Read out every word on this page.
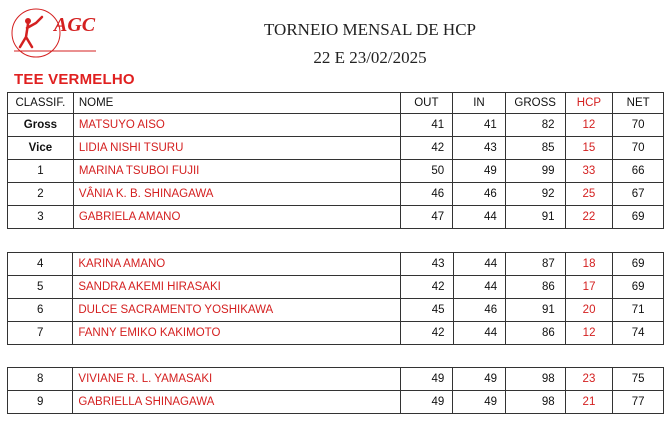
AGC	TORNEIO MENSAL DE HCP
22 E 23/02/2025
TEE VERMELHO
CLASSIF.	NOME	OUT	IN	GROSS	HCP	NET
Gross	MATSUYO AISO	41	41	82	12	70
Vice	LIDIA NISHI TSURU	42	43	85	15	70
1	MARINA TSUBOI FUJII	50	49	99	33	66
2	VÂNIA K. B. SHINAGAWA	46	46	92	25	67
3	GABRIELA AMANO	47	44	91	22	69
4	KARINA AMANO	43	44	87	18	69
5	SANDRA AKEMI HIRASAKI	42	44	86	17	69
6	DULCE SACRAMENTO YOSHIKAWA	45	46	91	20	71
7	FANNY EMIKO KAKIMOTO	42	44	86	12	74
8	VIVIANE R. L. YAMASAKI	49	49	98	23	75
9	GABRIELLA SHINAGAWA	49	49	98	21	77
